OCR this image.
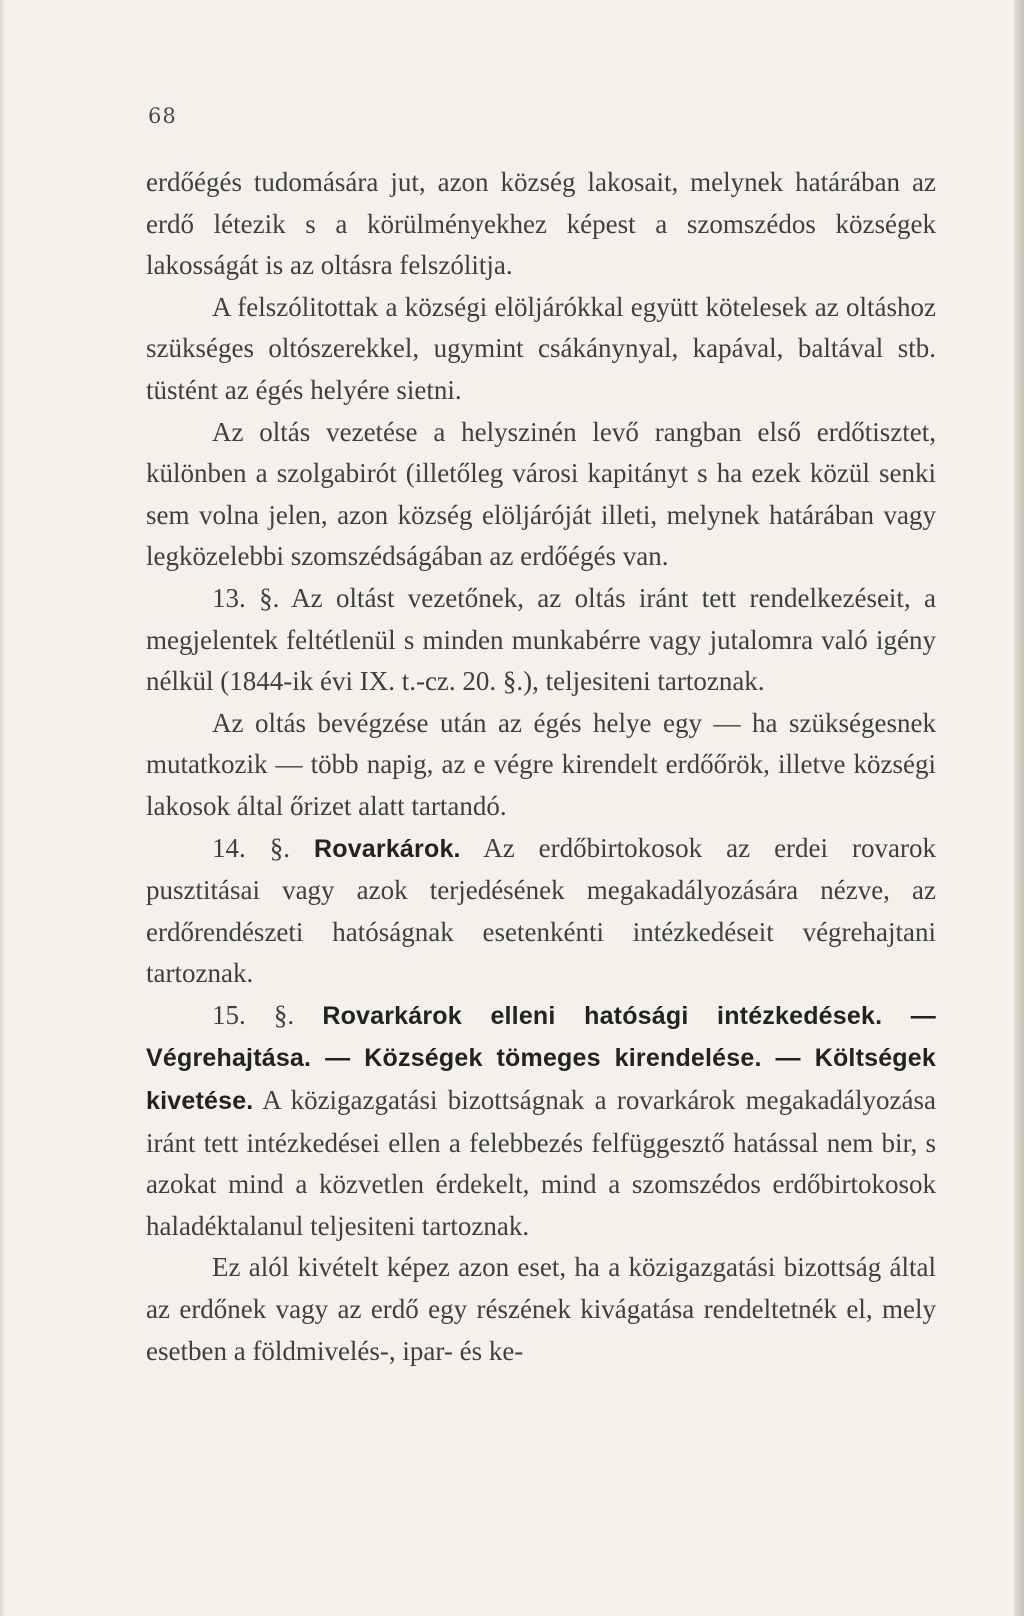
68

erdőégés tudomására jut, azon község lakosait, melynek határában az erdő létezik s a körülményekhez képest a szomszédos községek lakosságát is az oltásra felszólitja.

A felszólitottak a községi elöljárókkal együtt kötelesek az oltáshoz szükséges oltószerekkel, ugymint csákánynyal, kapával, baltával stb. tüstént az égés helyére sietni.

Az oltás vezetése a helyszinén levő rangban első erdőtisztet, különben a szolgabirót (illetőleg városi kapitányt s ha ezek közül senki sem volna jelen, azon község elöljáróját illeti, melynek határában vagy legközelebbi szomszédságában az erdőégés van.

13. §. Az oltást vezetőnek, az oltás iránt tett rendelkezéseit, a megjelentek feltétlenül s minden munkabérre vagy jutalomra való igény nélkül (1844-ik évi IX. t.-cz. 20. §.), teljesiteni tartoznak.

Az oltás bevégzése után az égés helye egy — ha szükségesnek mutatkozik — több napig, az e végre kirendelt erdőőrök, illetve községi lakosok által őrizet alatt tartandó.

14. §. Rovarkárok. Az erdőbirtokosok az erdei rovarok pusztitásai vagy azok terjedésének megakadályozására nézve, az erdőrendészeti hatóságnak esetenkénti intézkedéseit végrehajtani tartoznak.

15. §. Rovarkárok elleni hatósági intézkedések. — Végrehajtása. — Községek tömeges kirendelése. — Költségek kivetése. A közigazgatási bizottságnak a rovarkárok megakadályozása iránt tett intézkedései ellen a felebbezés felfüggesztő hatással nem bir, s azokat mind a közvetlen érdekelt, mind a szomszédos erdőbirtokosok haladéktalanul teljesiteni tartoznak.

Ez alól kivételt képez azon eset, ha a közigazgatási bizottság által az erdőnek vagy az erdő egy részének kivágatása rendeltetnék el, mely esetben a földmivelés-, ipar- és ke-
